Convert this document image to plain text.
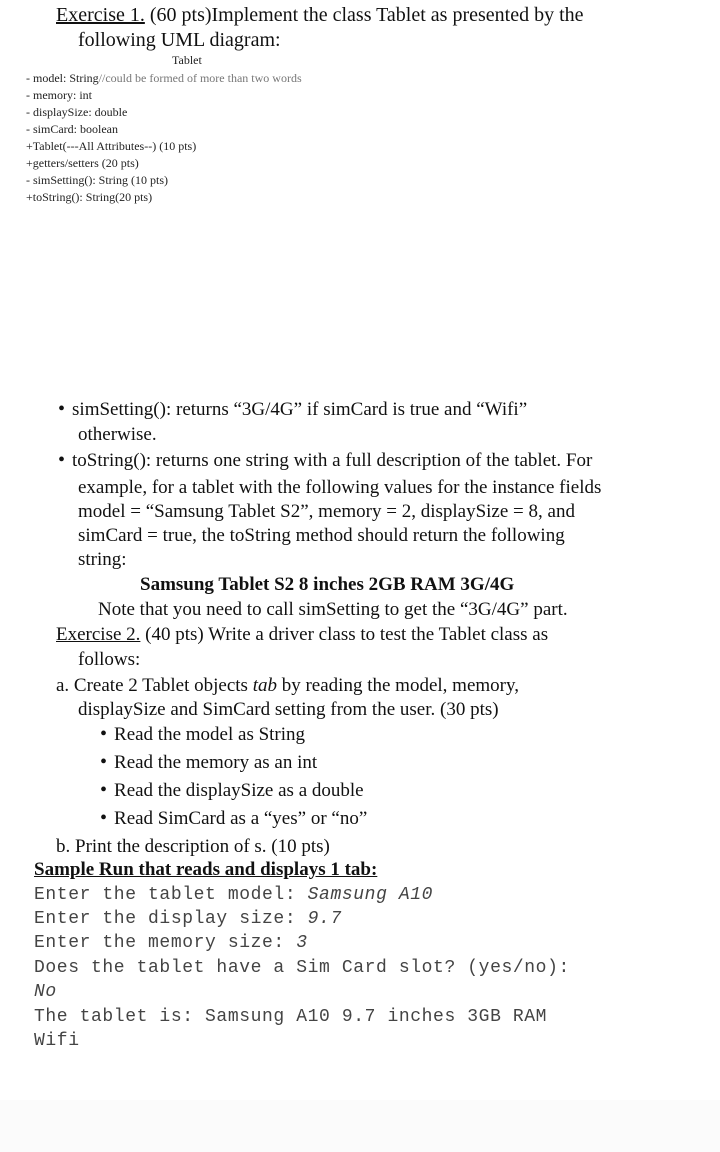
Exercise 1. (60 pts)Implement the class Tablet as presented by the
following UML diagram:
Tablet
- model: String//could be formed of more than two words
- memory: int
- displaySize: double
- simCard: boolean
+Tablet(---All Attributes--) (10 pts)
+getters/setters (20 pts)
- simSetting(): String (10 pts)
+toString(): String(20 pts)
• simSetting(): returns “3G/4G” if simCard is true and “Wifi”
otherwise.
• toString(): returns one string with a full description of the tablet. For
example, for a tablet with the following values for the instance fields
model = “Samsung Tablet S2”, memory = 2, displaySize = 8, and
simCard = true, the toString method should return the following
string:
Samsung Tablet S2 8 inches 2GB RAM 3G/4G
Note that you need to call simSetting to get the “3G/4G” part.
Exercise 2. (40 pts) Write a driver class to test the Tablet class as
follows:
a. Create 2 Tablet objects tab by reading the model, memory,
displaySize and SimCard setting from the user. (30 pts)
• Read the model as String
• Read the memory as an int
• Read the displaySize as a double
• Read SimCard as a “yes” or “no”
b. Print the description of s. (10 pts)
Sample Run that reads and displays 1 tab:
Enter the tablet model: Samsung A10
Enter the display size: 9.7
Enter the memory size: 3
Does the tablet have a Sim Card slot? (yes/no):
No
The tablet is: Samsung A10 9.7 inches 3GB RAM
Wifi
